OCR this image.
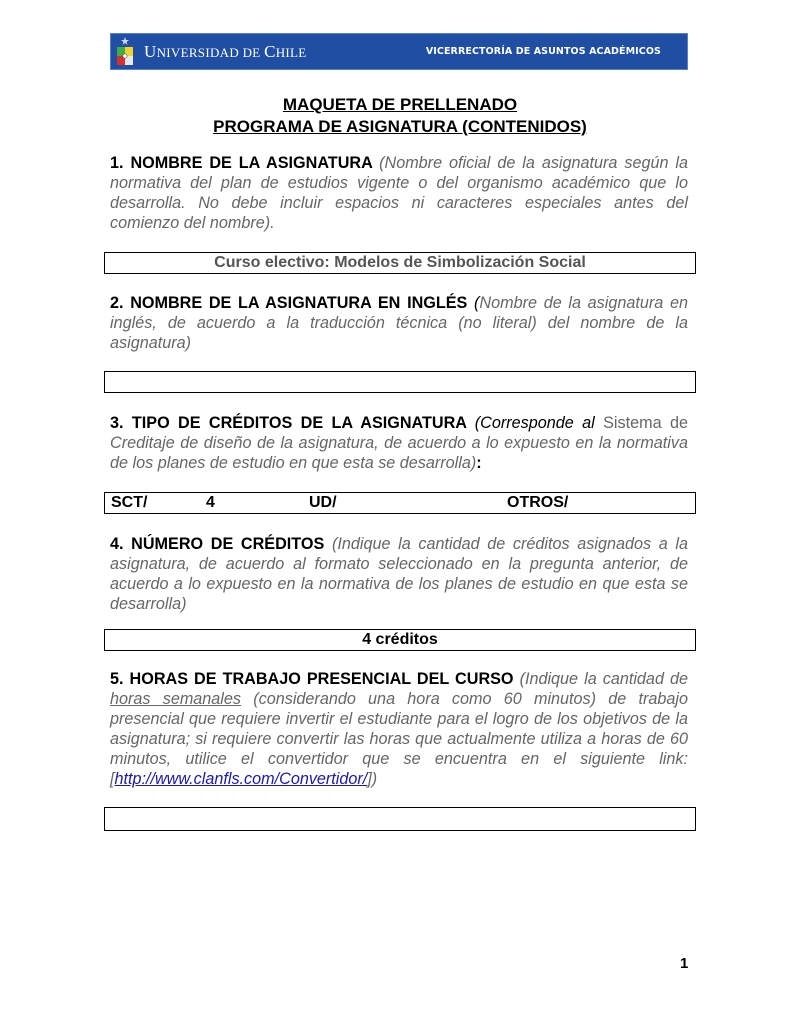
UNIVERSIDAD DE CHILE	VICERRECTORÍA DE ASUNTOS ACADÉMICOS
MAQUETA DE PRELLENADO
PROGRAMA DE ASIGNATURA (CONTENIDOS)
1. NOMBRE DE LA ASIGNATURA (Nombre oficial de la asignatura según la normativa del plan de estudios vigente o del organismo académico que lo desarrolla. No debe incluir espacios ni caracteres especiales antes del comienzo del nombre).
Curso electivo: Modelos de Simbolización Social
2. NOMBRE DE LA ASIGNATURA EN INGLÉS (Nombre de la asignatura en inglés, de acuerdo a la traducción técnica (no literal) del nombre de la asignatura)
3. TIPO DE CRÉDITOS DE LA ASIGNATURA (Corresponde al Sistema de Creditaje de diseño de la asignatura, de acuerdo a lo expuesto en la normativa de los planes de estudio en que esta se desarrolla):
SCT/	4	UD/	OTROS/
4. NÚMERO DE CRÉDITOS (Indique la cantidad de créditos asignados a la asignatura, de acuerdo al formato seleccionado en la pregunta anterior, de acuerdo a lo expuesto en la normativa de los planes de estudio en que esta se desarrolla)
4 créditos
5. HORAS DE TRABAJO PRESENCIAL DEL CURSO (Indique la cantidad de horas semanales (considerando una hora como 60 minutos) de trabajo presencial que requiere invertir el estudiante para el logro de los objetivos de la asignatura; si requiere convertir las horas que actualmente utiliza a horas de 60 minutos, utilice el convertidor que se encuentra en el siguiente link: [http://www.clanfls.com/Convertidor/])
1
